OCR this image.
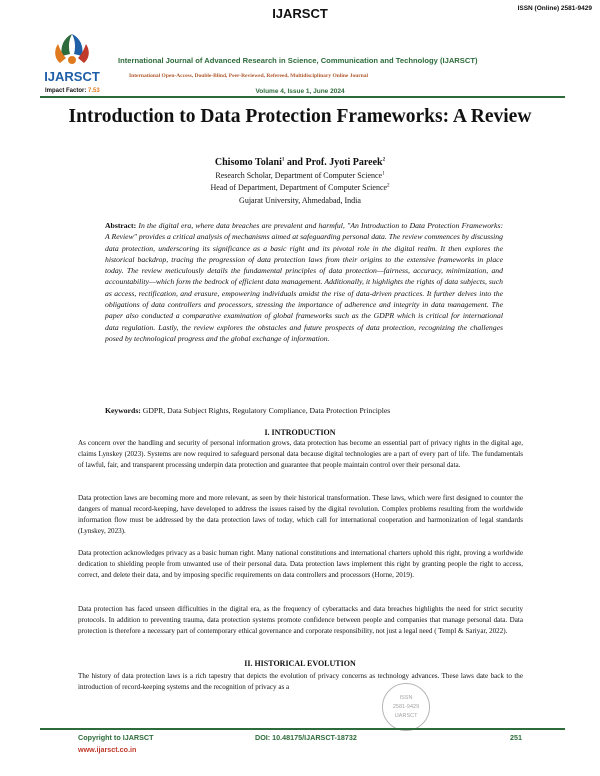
IJARSCT	ISSN (Online) 2581-9429
IJARSCT
International Journal of Advanced Research in Science, Communication and Technology (IJARSCT)
International Open-Access, Double-Blind, Peer-Reviewed, Refereed, Multidisciplinary Online Journal
Impact Factor: 7.53	Volume 4, Issue 1, June 2024
Introduction to Data Protection Frameworks: A Review
Chisomo Tolani$^1$ and Prof. Jyoti Pareek$^2$
Research Scholar, Department of Computer Science$^1$
Head of Department, Department of Computer Science$^2$
Gujarat University, Ahmedabad, India
Abstract: In the digital era, where data breaches are prevalent and harmful, "An Introduction to Data Protection Frameworks: A Review" provides a critical analysis of mechanisms aimed at safeguarding personal data. The review commences by discussing data protection, underscoring its significance as a basic right and its pivotal role in the digital realm. It then explores the historical backdrop, tracing the progression of data protection laws from their origins to the extensive frameworks in place today. The review meticulously details the fundamental principles of data protection—fairness, accuracy, minimization, and accountability—which form the bedrock of efficient data management. Additionally, it highlights the rights of data subjects, such as access, rectification, and erasure, empowering individuals amidst the rise of data-driven practices. It further delves into the obligations of data controllers and processors, stressing the importance of adherence and integrity in data management. The paper also conducted a comparative examination of global frameworks such as the GDPR which is critical for international data regulation. Lastly, the review explores the obstacles and future prospects of data protection, recognizing the challenges posed by technological progress and the global exchange of information.
Keywords: GDPR, Data Subject Rights, Regulatory Compliance, Data Protection Principles
I. INTRODUCTION
As concern over the handling and security of personal information grows, data protection has become an essential part of privacy rights in the digital age, claims Lynskey (2023). Systems are now required to safeguard personal data because digital technologies are a part of every part of life. The fundamentals of lawful, fair, and transparent processing underpin data protection and guarantee that people maintain control over their personal data.
Data protection laws are becoming more and more relevant, as seen by their historical transformation. These laws, which were first designed to counter the dangers of manual record-keeping, have developed to address the issues raised by the digital revolution. Complex problems resulting from the worldwide information flow must be addressed by the data protection laws of today, which call for international cooperation and harmonization of legal standards (Lynskey, 2023).
Data protection acknowledges privacy as a basic human right. Many national constitutions and international charters uphold this right, proving a worldwide dedication to shielding people from unwanted use of their personal data. Data protection laws implement this right by granting people the right to access, correct, and delete their data, and by imposing specific requirements on data controllers and processors (Horne, 2019).
Data protection has faced unseen difficulties in the digital era, as the frequency of cyberattacks and data breaches highlights the need for strict security protocols. In addition to preventing trauma, data protection systems promote confidence between people and companies that manage personal data. Data protection is therefore a necessary part of contemporary ethical governance and corporate responsibility, not just a legal need ( Templ & Sariyar, 2022).
II. HISTORICAL EVOLUTION
The history of data protection laws is a rich tapestry that depicts the evolution of privacy concerns as technology advances. These laws date back to the introduction of record-keeping systems and the recognition of privacy as a
ISSN
2581-9429
IJARSCT
Copyright to IJARSCT	DOI: 10.48175/IJARSCT-18732	251
www.ijarsct.co.in
